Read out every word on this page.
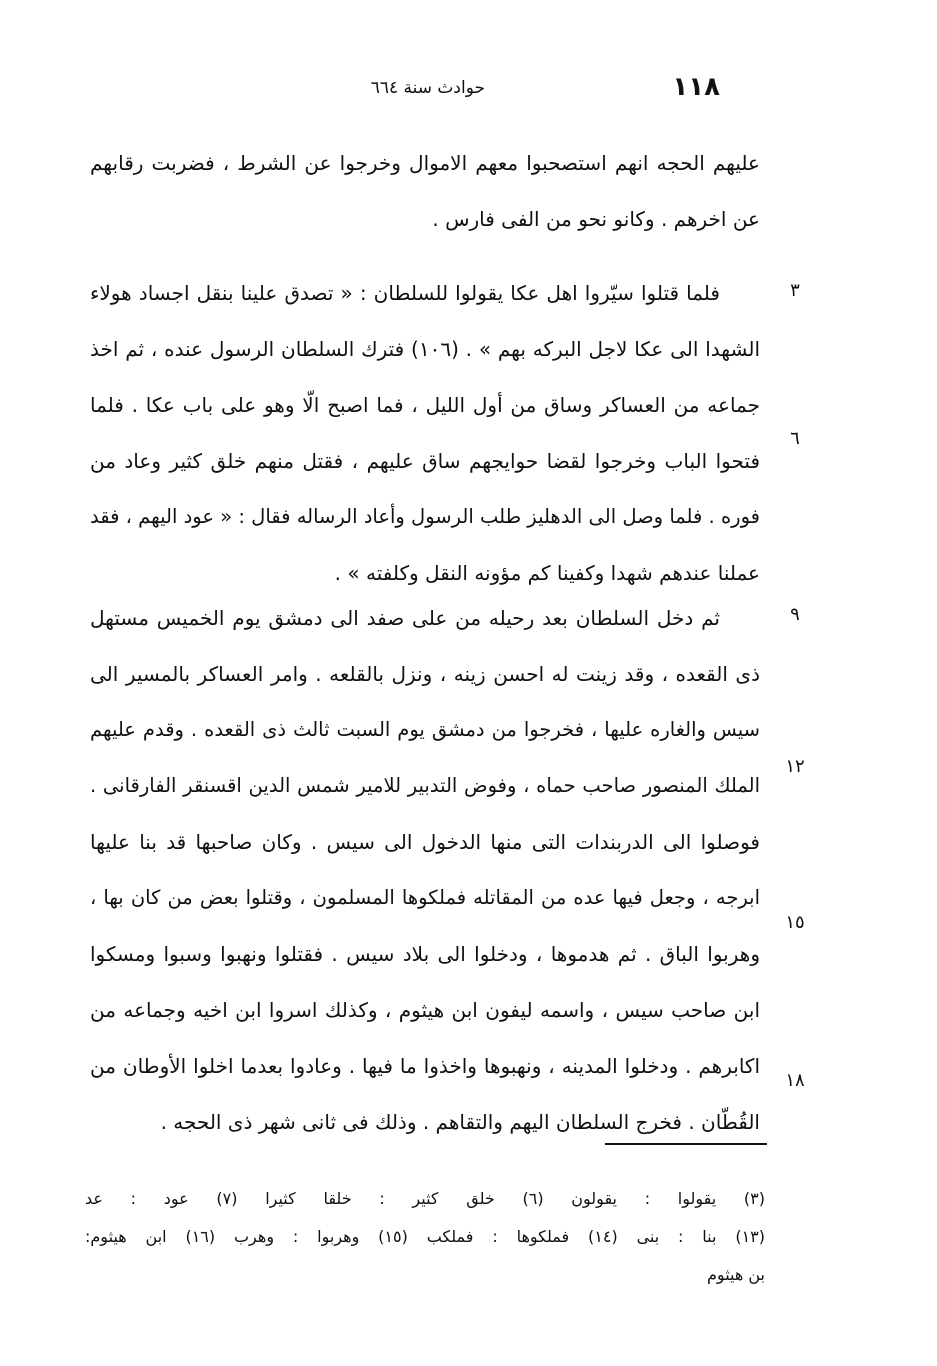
١١٨
حوادث سنة ٦٦٤
عليهم الحجه انهم استصحبوا معهم الاموال وخرجوا عن الشرط ، فضربت رقابهم
عن اخرهم . وكانو نحو من الفى فارس .
فلما قتلوا سيّروا اهل عكا يقولوا للسلطان : « تصدق علينا بنقل اجساد هولاء
الشهدا الى عكا لاجل البركه بهم » . (١٠٦) فترك السلطان الرسول عنده ، ثم اخذ
جماعه من العساكر وساق من أول الليل ، فما اصبح الّا وهو على باب عكا . فلما
فتحوا الباب وخرجوا لقضا حوايجهم ساق عليهم ، فقتل منهم خلق كثير وعاد من
فوره . فلما وصل الى الدهليز طلب الرسول وأعاد الرساله فقال : « عود اليهم ، فقد
عملنا عندهم شهدا وكفينا كم مؤونه النقل وكلفته » .
ثم دخل السلطان بعد رحيله من على صفد الى دمشق يوم الخميس مستهل
ذى القعده ، وقد زينت له احسن زينه ، ونزل بالقلعه . وامر العساكر بالمسير الى
سيس والغاره عليها ، فخرجوا من دمشق يوم السبت ثالث ذى القعده . وقدم عليهم
الملك المنصور صاحب حماه ، وفوض التدبير للامير شمس الدين اقسنقر الفارقانى .
فوصلوا الى الدربندات التى منها الدخول الى سيس . وكان صاحبها قد بنا عليها
ابرجه ، وجعل فيها عده من المقاتله فملكوها المسلمون ، وقتلوا بعض من كان بها ،
وهربوا الباق . ثم هدموها ، ودخلوا الى بلاد سيس . فقتلوا ونهبوا وسبوا ومسكوا
ابن صاحب سيس ، واسمه ليفون ابن هيثوم ، وكذلك اسروا ابن اخيه وجماعه من
اكابرهم . ودخلوا المدينه ، ونهبوها واخذوا ما فيها . وعادوا بعدما اخلوا الأوطان من
القُطّان . فخرج السلطان اليهم والتقاهم . وذلك فى ثانى شهر ذى الحجه .
٣
٦
٩
١٢
١٥
١٨
(٣) يقولوا : يقولون (٦) خلق كثير : خلقا كثيرا (٧) عود : عد
(١٣) بنا : بنى (١٤) فملكوها : فملكب (١٥) وهربوا : وهرب (١٦) ابن هيثوم:
بن هيثوم
